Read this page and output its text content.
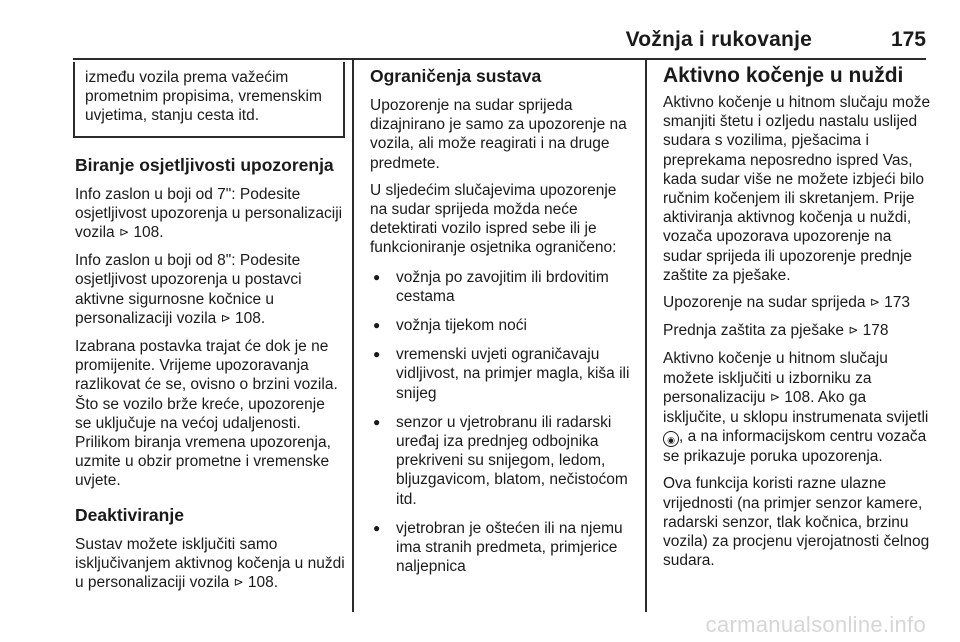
Vožnja i rukovanje	175

između vozila prema važećim prometnim propisima, vremenskim uvjetima, stanju cesta itd.

Biranje osjetljivosti upozorenja

Info zaslon u boji od 7": Podesite osjetljivost upozorenja u personalizaciji vozila ⊳ 108.

Info zaslon u boji od 8": Podesite osjetljivost upozorenja u postavci aktivne sigurnosne kočnice u personalizaciji vozila ⊳ 108.

Izabrana postavka trajat će dok je ne promijenite. Vrijeme upozoravanja razlikovat će se, ovisno o brzini vozila. Što se vozilo brže kreće, upozorenje se uključuje na većoj udaljenosti. Prilikom biranja vremena upozorenja, uzmite u obzir prometne i vremenske uvjete.

Deaktiviranje

Sustav možete isključiti samo isključivanjem aktivnog kočenja u nuždi u personalizaciji vozila ⊳ 108.

Ograničenja sustava

Upozorenje na sudar sprijeda dizajnirano je samo za upozorenje na vozila, ali može reagirati i na druge predmete.

U sljedećim slučajevima upozorenje na sudar sprijeda možda neće detektirati vozilo ispred sebe ili je funkcioniranje osjetnika ograničeno:

● vožnja po zavojitim ili brdovitim cestama
● vožnja tijekom noći
● vremenski uvjeti ograničavaju vidljivost, na primjer magla, kiša ili snijeg
● senzor u vjetrobranu ili radarski uređaj iza prednjeg odbojnika prekriveni su snijegom, ledom, bljuzgavicom, blatom, nečistoćom itd.
● vjetrobran je oštećen ili na njemu ima stranih predmeta, primjerice naljepnica
Aktivno kočenje u nuždi

Aktivno kočenje u hitnom slučaju može smanjiti štetu i ozljedu nastalu uslijed sudara s vozilima, pješacima i preprekama neposredno ispred Vas, kada sudar više ne možete izbjeći bilo ručnim kočenjem ili skretanjem. Prije aktiviranja aktivnog kočenja u nuždi, vozača upozorava upozorenje na sudar sprijeda ili upozorenje prednje zaštite za pješake.

Upozorenje na sudar sprijeda ⊳ 173

Prednja zaštita za pješake ⊳ 178

Aktivno kočenje u hitnom slučaju možete isključiti u izborniku za personalizaciju ⊳ 108. Ako ga isključite, u sklopu instrumenata svijetli ◉ , a na informacijskom centru vozača se prikazuje poruka upozorenja.

Ova funkcija koristi razne ulazne vrijednosti (na primjer senzor kamere, radarski senzor, tlak kočnica, brzinu vozila) za procjenu vjerojatnosti čelnog sudara.

carmanualsonline.info
